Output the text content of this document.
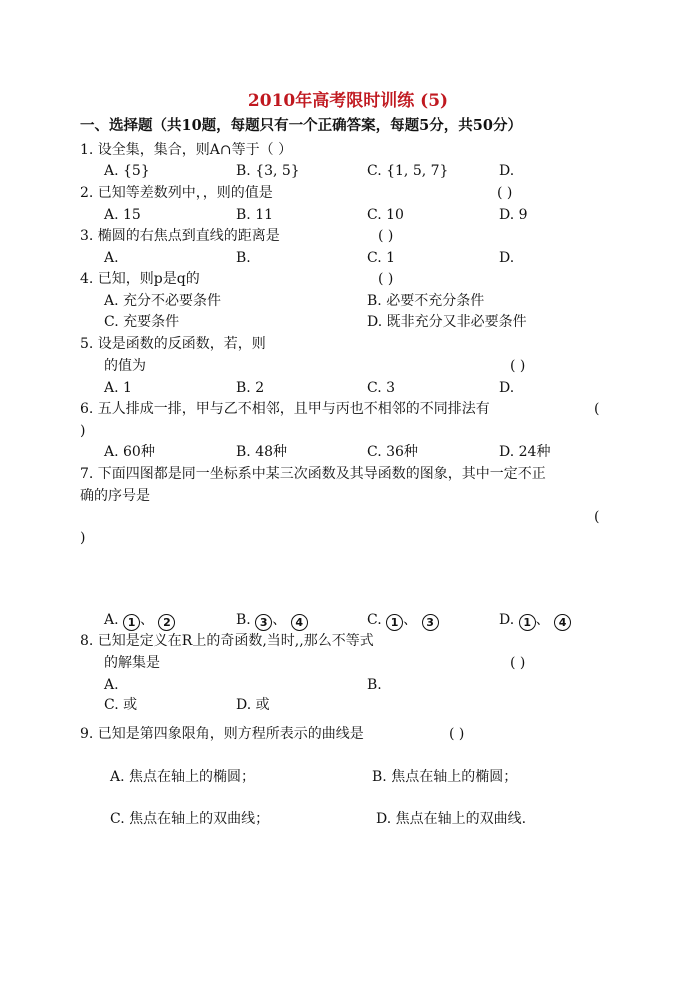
2010年高考限时训练 (5)
一、选择题（共10题，每题只有一个正确答案，每题5分，共50分）
1. 设全集，集合，则A∩等于（ ）
A. {5}	B. {3, 5}	C. {1, 5, 7}	D.
2. 已知等差数列中，，则的值是	( )
A. 15	B. 11	C. 10	D. 9
3. 椭圆的右焦点到直线的距离是	( )
A.	B.	C. 1	D.
4. 已知，则p是q的	( )
A. 充分不必要条件	B. 必要不充分条件
C. 充要条件	D. 既非充分又非必要条件
5. 设是函数的反函数，若，则
的值为	( )
A. 1	B. 2	C. 3	D.
6. 五人排成一排，甲与乙不相邻，且甲与丙也不相邻的不同排法有	(
)
A. 60种	B. 48种	C. 36种	D. 24种
7. 下面四图都是同一坐标系中某三次函数及其导函数的图象，其中一定不正
确的序号是
(
)
A. 1 、 2	B. 3 、 4	C. 1 、 3	D. 1 、 4
8. 已知是定义在R上的奇函数,当时,,那么不等式
的解集是	( )
A.	B.
C. 或	D. 或
9. 已知是第四象限角，则方程所表示的曲线是	( )
A. 焦点在轴上的椭圆；	B. 焦点在轴上的椭圆；
C. 焦点在轴上的双曲线；	D. 焦点在轴上的双曲线.
